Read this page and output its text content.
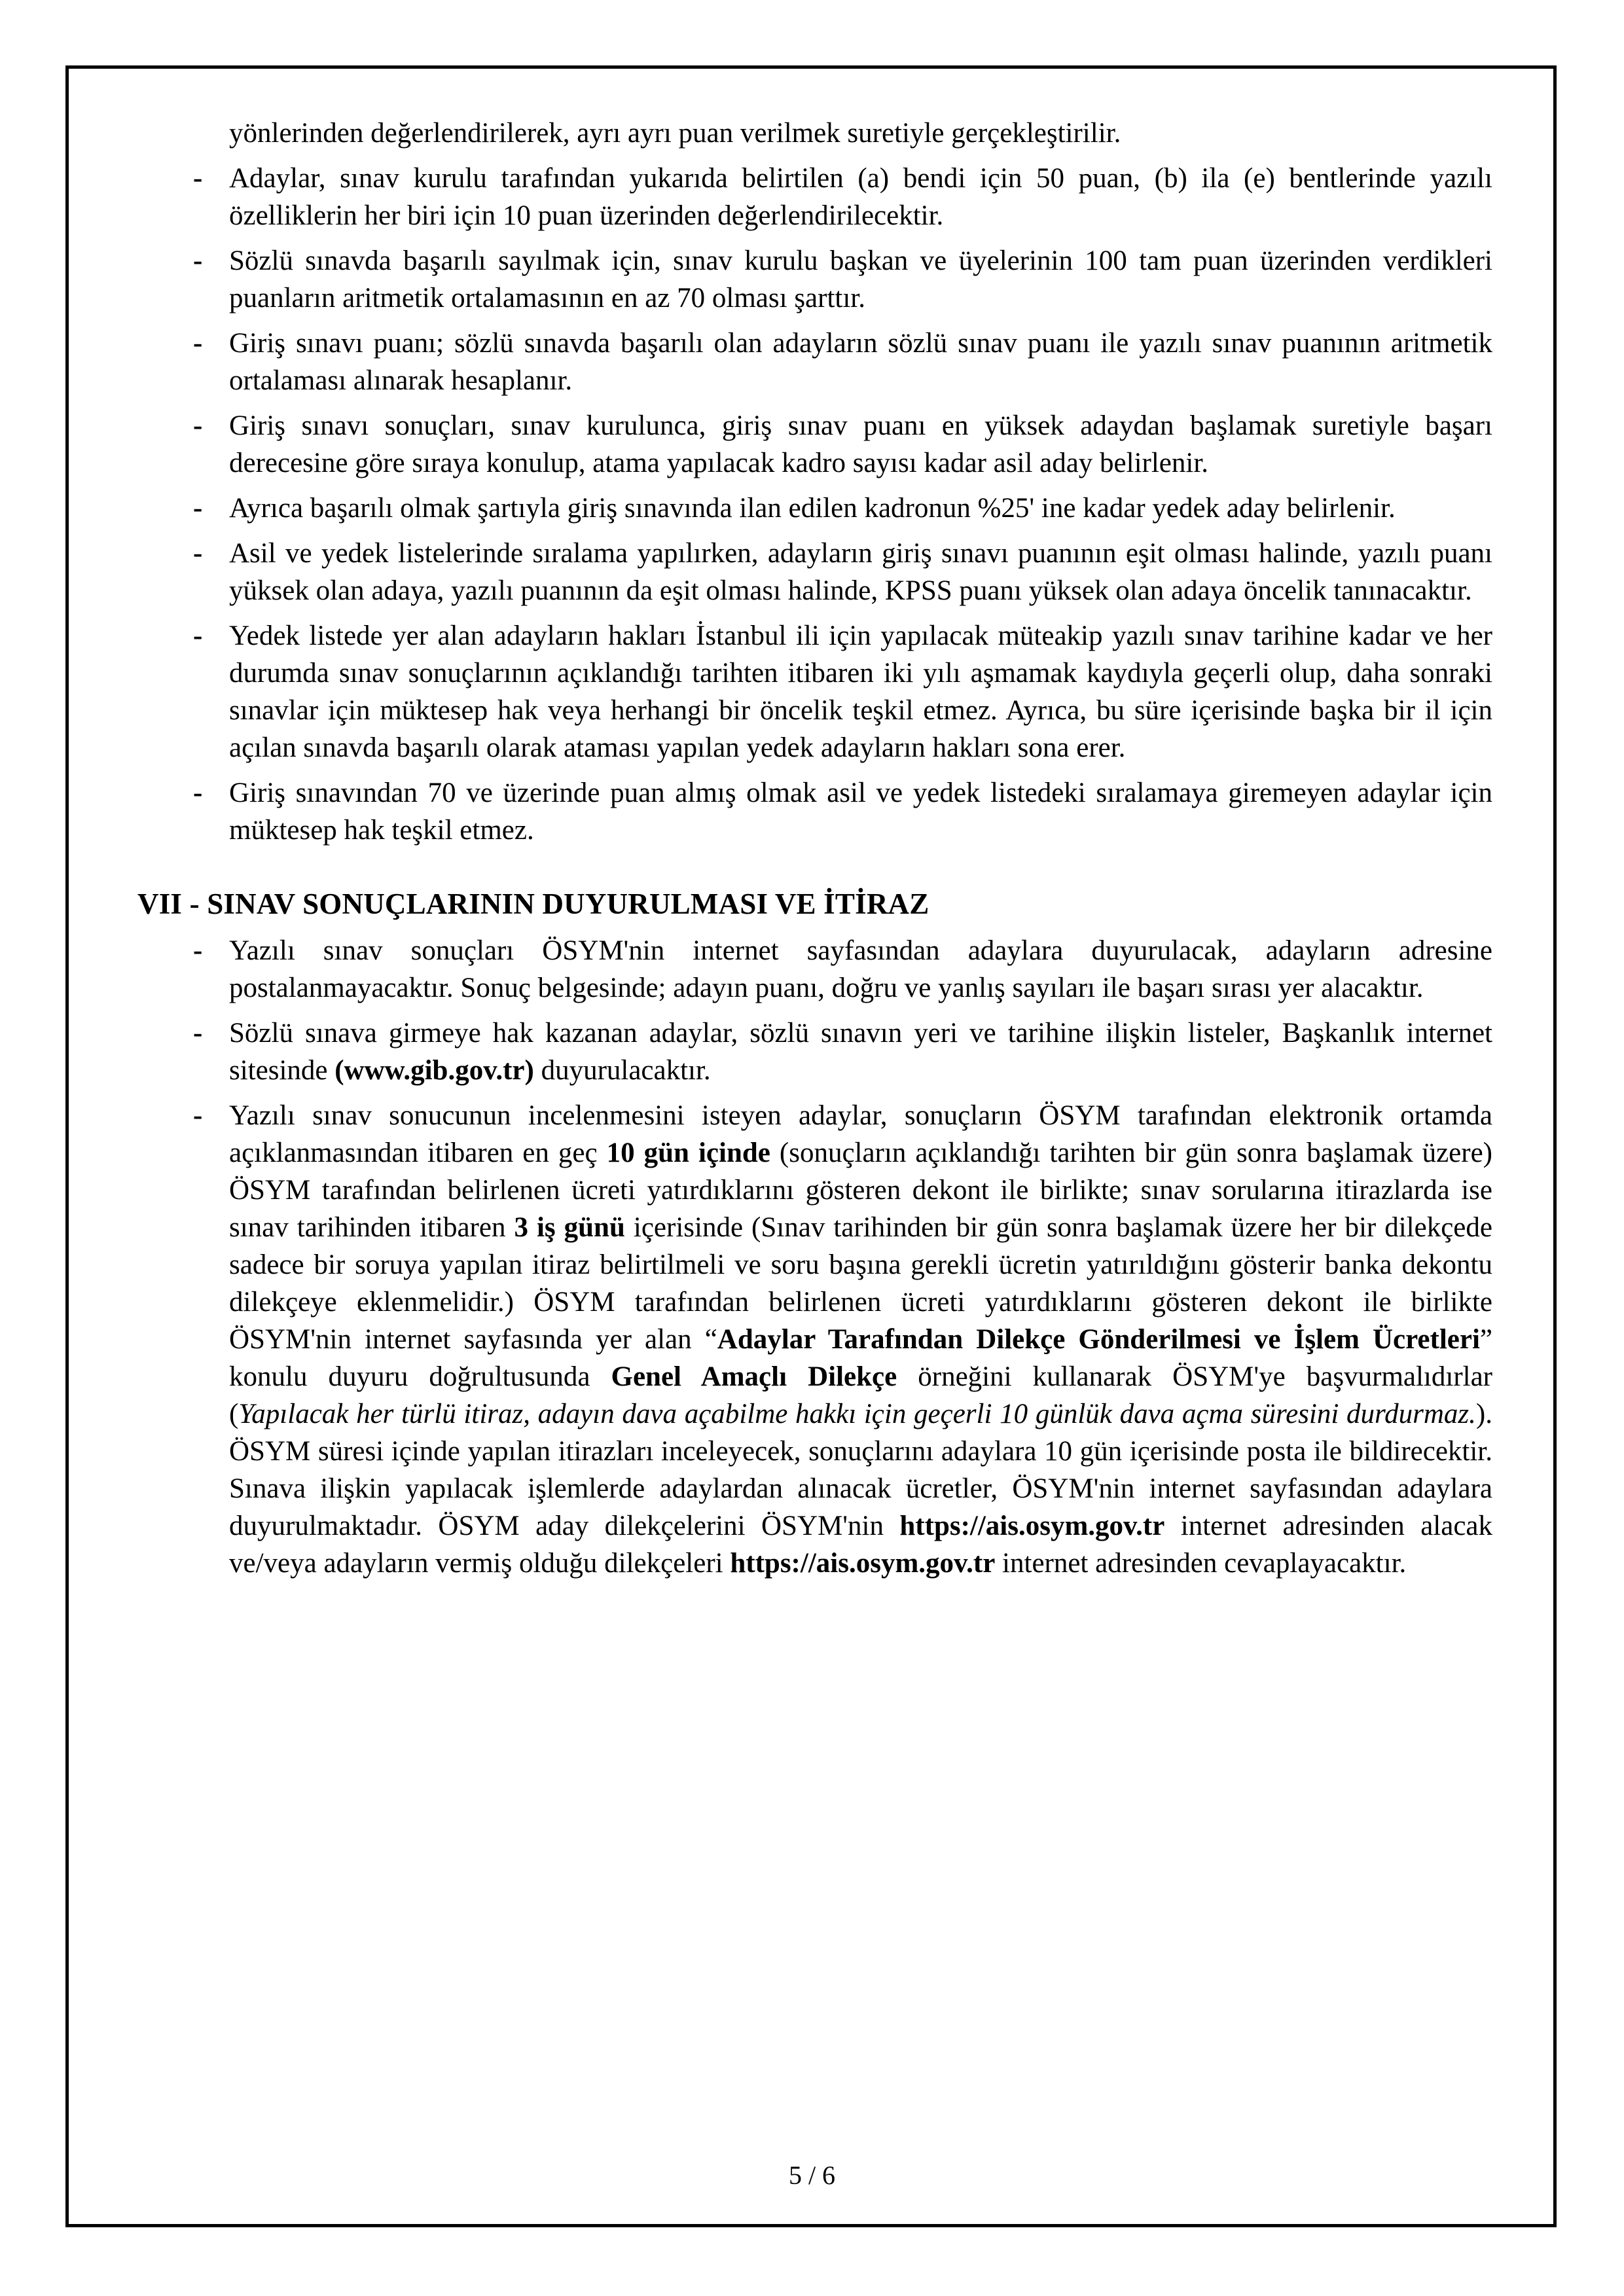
yönlerinden değerlendirilerek, ayrı ayrı puan verilmek suretiyle gerçekleştirilir.

- Adaylar, sınav kurulu tarafından yukarıda belirtilen (a) bendi için 50 puan, (b) ila (e) bentlerinde yazılı özelliklerin her biri için 10 puan üzerinden değerlendirilecektir.
- Sözlü sınavda başarılı sayılmak için, sınav kurulu başkan ve üyelerinin 100 tam puan üzerinden verdikleri puanların aritmetik ortalamasının en az 70 olması şarttır.
- Giriş sınavı puanı; sözlü sınavda başarılı olan adayların sözlü sınav puanı ile yazılı sınav puanının aritmetik ortalaması alınarak hesaplanır.
- Giriş sınavı sonuçları, sınav kurulunca, giriş sınav puanı en yüksek adaydan başlamak suretiyle başarı derecesine göre sıraya konulup, atama yapılacak kadro sayısı kadar asil aday belirlenir.
- Ayrıca başarılı olmak şartıyla giriş sınavında ilan edilen kadronun %25' ine kadar yedek aday belirlenir.
- Asil ve yedek listelerinde sıralama yapılırken, adayların giriş sınavı puanının eşit olması halinde, yazılı puanı yüksek olan adaya, yazılı puanının da eşit olması halinde, KPSS puanı yüksek olan adaya öncelik tanınacaktır.
- Yedek listede yer alan adayların hakları İstanbul ili için yapılacak müteakip yazılı sınav tarihine kadar ve her durumda sınav sonuçlarının açıklandığı tarihten itibaren iki yılı aşmamak kaydıyla geçerli olup, daha sonraki sınavlar için müktesep hak veya herhangi bir öncelik teşkil etmez. Ayrıca, bu süre içerisinde başka bir il için açılan sınavda başarılı olarak ataması yapılan yedek adayların hakları sona erer.
- Giriş sınavından 70 ve üzerinde puan almış olmak asil ve yedek listedeki sıralamaya giremeyen adaylar için müktesep hak teşkil etmez.
VII - SINAV SONUÇLARININ DUYURULMASI VE İTİRAZ
- Yazılı sınav sonuçları ÖSYM'nin internet sayfasından adaylara duyurulacak, adayların adresine postalanmayacaktır. Sonuç belgesinde; adayın puanı, doğru ve yanlış sayıları ile başarı sırası yer alacaktır.
- Sözlü sınava girmeye hak kazanan adaylar, sözlü sınavın yeri ve tarihine ilişkin listeler, Başkanlık internet sitesinde (www.gib.gov.tr) duyurulacaktır.
- Yazılı sınav sonucunun incelenmesini isteyen adaylar, sonuçların ÖSYM tarafından elektronik ortamda açıklanmasından itibaren en geç 10 gün içinde (sonuçların açıklandığı tarihten bir gün sonra başlamak üzere) ÖSYM tarafından belirlenen ücreti yatırdıklarını gösteren dekont ile birlikte; sınav sorularına itirazlarda ise sınav tarihinden itibaren 3 iş günü içerisinde (Sınav tarihinden bir gün sonra başlamak üzere her bir dilekçede sadece bir soruya yapılan itiraz belirtilmeli ve soru başına gerekli ücretin yatırıldığını gösterir banka dekontu dilekçeye eklenmelidir.) ÖSYM tarafından belirlenen ücreti yatırdıklarını gösteren dekont ile birlikte ÖSYM'nin internet sayfasında yer alan “Adaylar Tarafından Dilekçe Gönderilmesi ve İşlem Ücretleri” konulu duyuru doğrultusunda Genel Amaçlı Dilekçe örneğini kullanarak ÖSYM'ye başvurmalıdırlar (Yapılacak her türlü itiraz, adayın dava açabilme hakkı için geçerli 10 günlük dava açma süresini durdurmaz.). ÖSYM süresi içinde yapılan itirazları inceleyecek, sonuçlarını adaylara 10 gün içerisinde posta ile bildirecektir. Sınava ilişkin yapılacak işlemlerde adaylardan alınacak ücretler, ÖSYM'nin internet sayfasından adaylara duyurulmaktadır. ÖSYM aday dilekçelerini ÖSYM'nin https://ais.osym.gov.tr internet adresinden alacak ve/veya adayların vermiş olduğu dilekçeleri https://ais.osym.gov.tr internet adresinden cevaplayacaktır.
5 / 6
